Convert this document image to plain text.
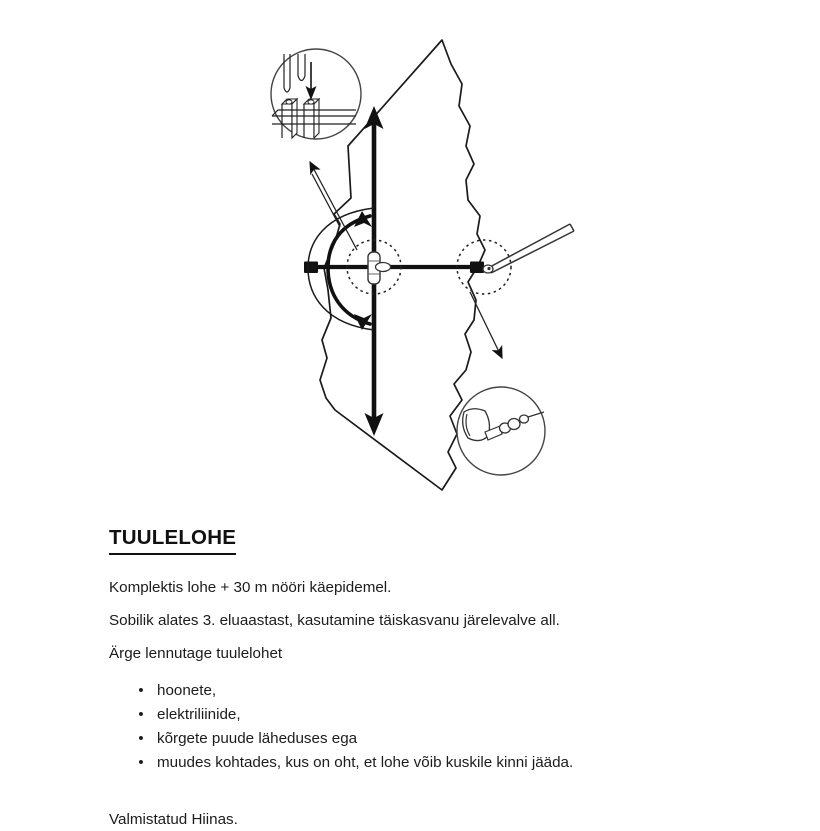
TUULELOHE

Komplektis lohe + 30 m nööri käepidemel.

Sobilik alates 3. eluaastast, kasutamine täiskasvanu järelevalve all.

Ärge lennutage tuulelohet

• hoonete,
• elektriliinide,
• kõrgete puude läheduses ega
• muudes kohtades, kus on oht, et lohe võib kuskile kinni jääda.

Valmistatud Hiinas.
